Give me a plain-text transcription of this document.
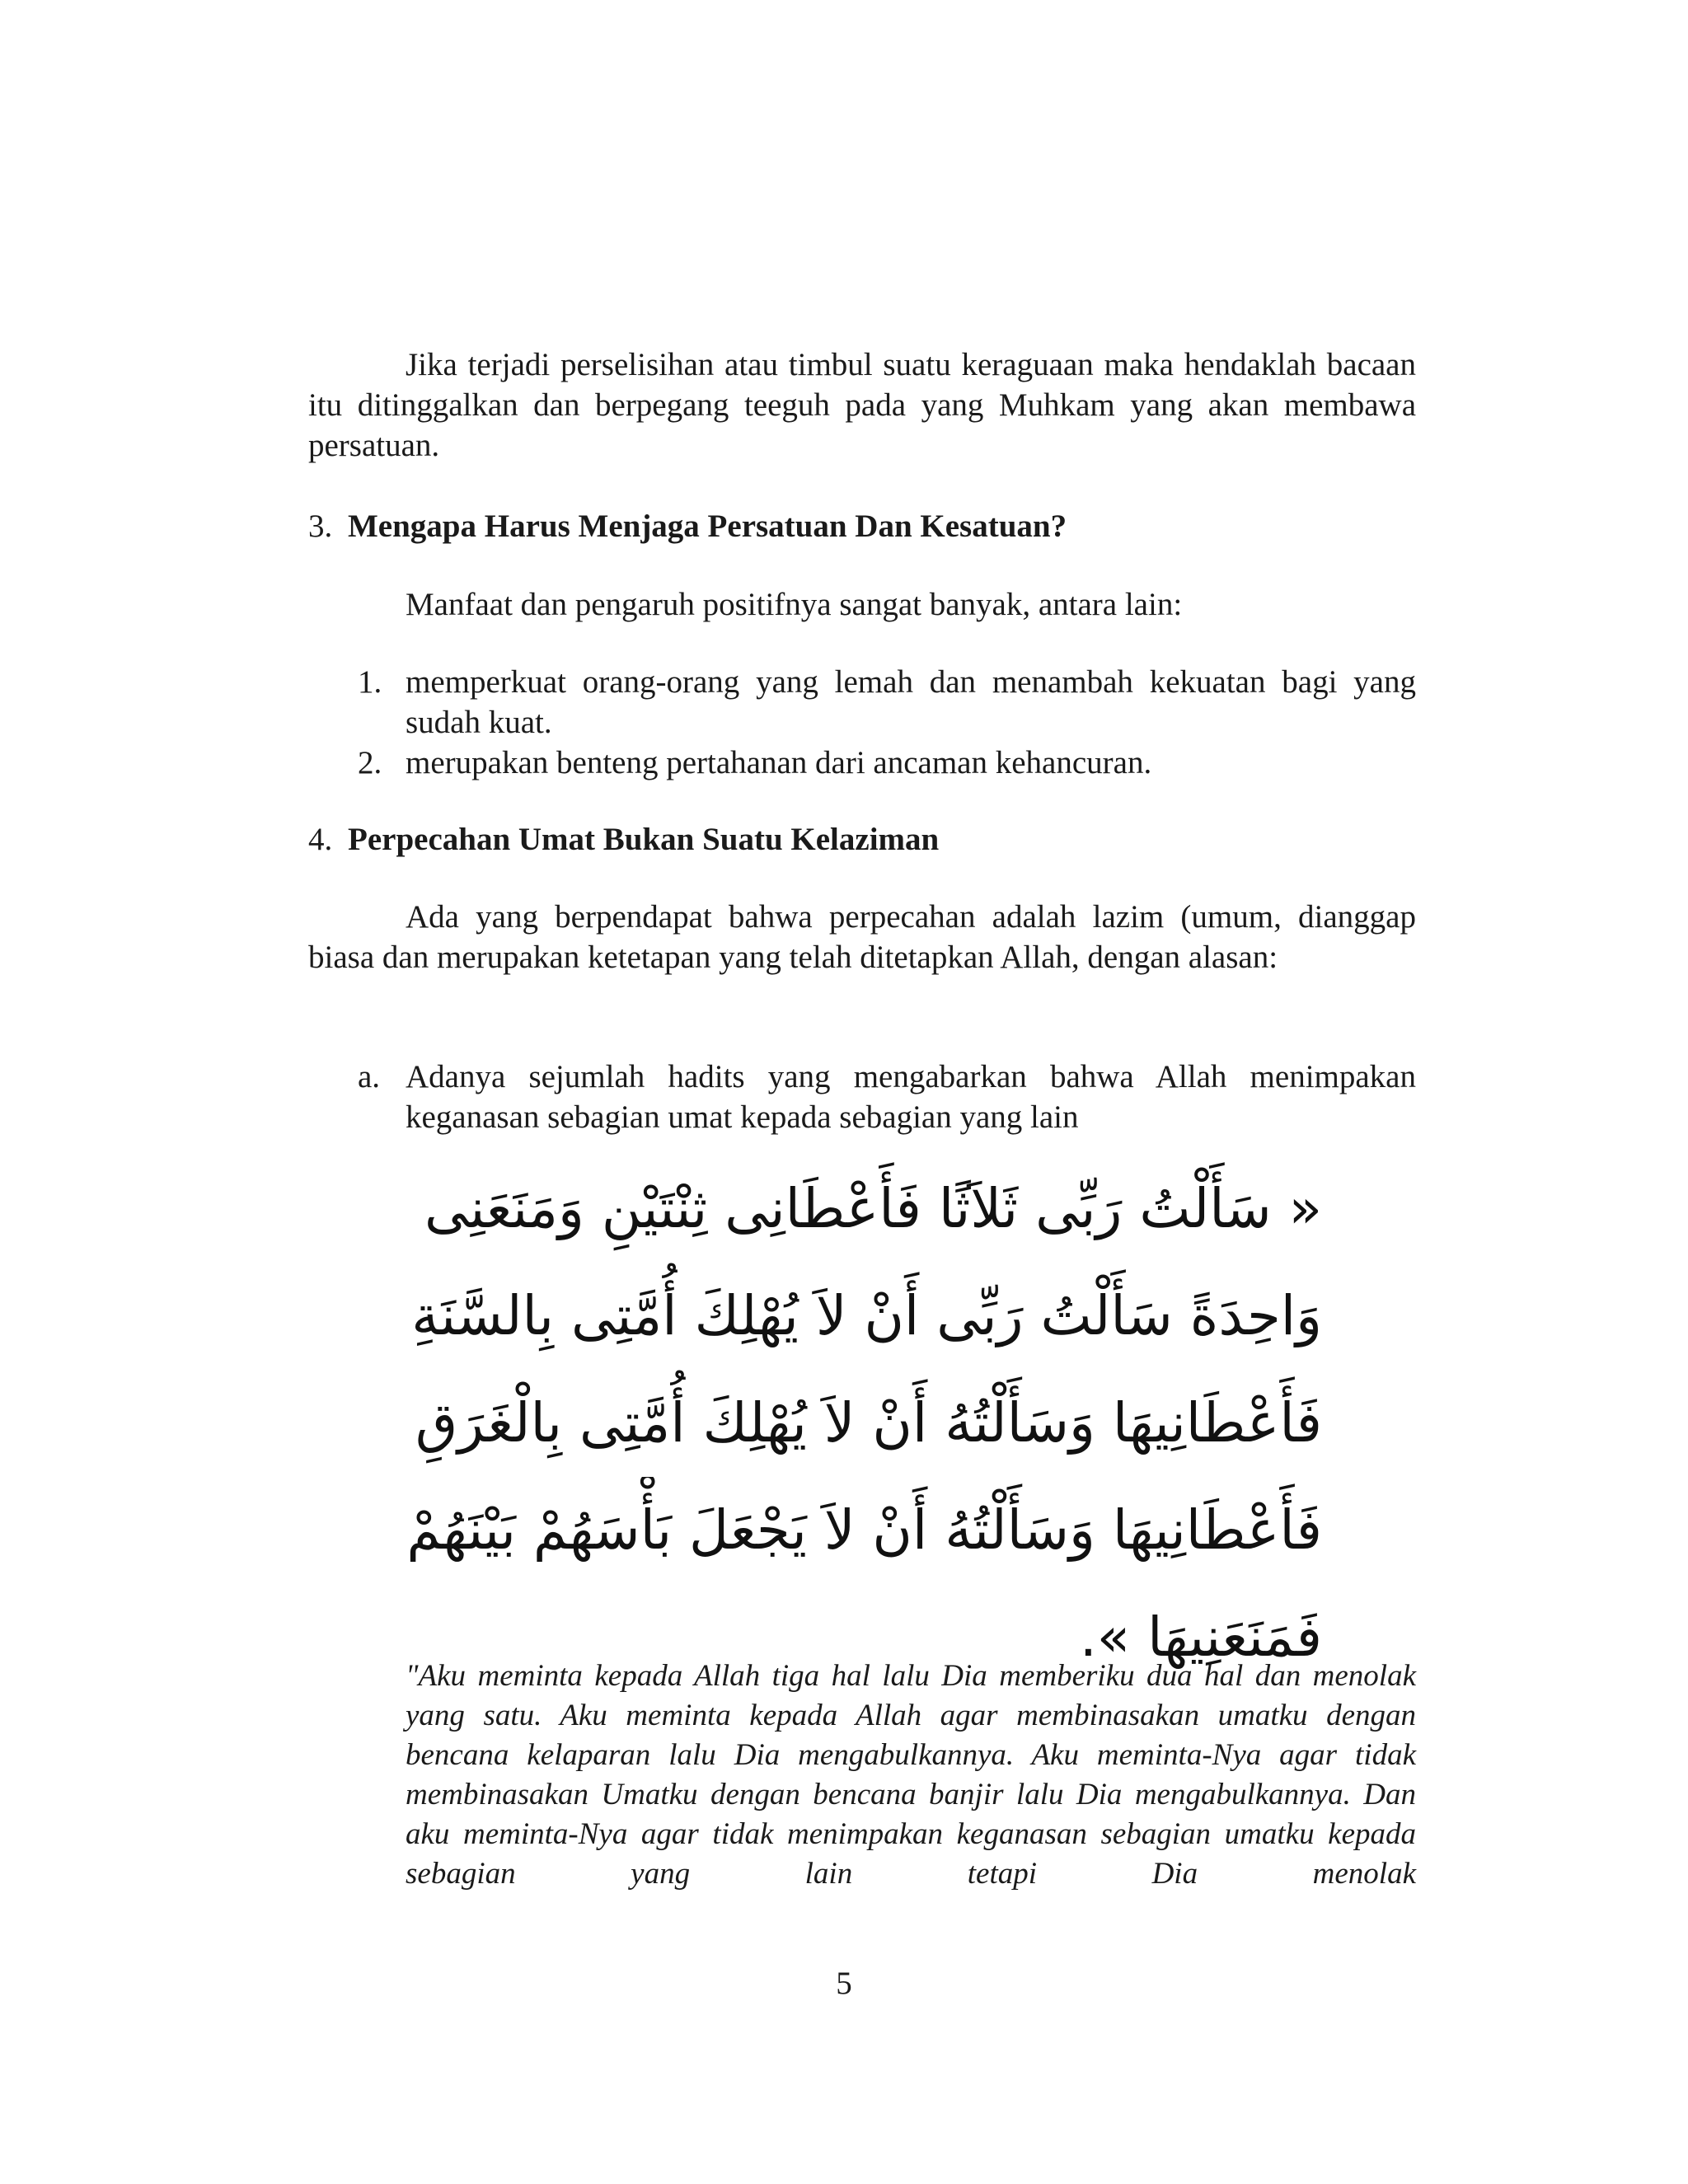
Jika terjadi perselisihan atau timbul suatu keraguaan maka hendaklah bacaan itu ditinggalkan dan berpegang teeguh pada yang Muhkam yang akan membawa persatuan.

3. Mengapa Harus Menjaga Persatuan Dan Kesatuan?

Manfaat dan pengaruh positifnya sangat banyak, antara lain:

1. memperkuat orang-orang yang lemah dan menambah kekuatan bagi yang sudah kuat.
2. merupakan benteng pertahanan dari ancaman kehancuran.
4. Perpecahan Umat Bukan Suatu Kelaziman

Ada yang berpendapat bahwa perpecahan adalah lazim (umum, dianggap biasa dan merupakan ketetapan yang telah ditetapkan Allah, dengan alasan:

a. Adanya sejumlah hadits yang mengabarkan bahwa Allah menimpakan keganasan sebagian umat kepada sebagian yang lain
« سَأَلْتُ رَبِّى ثَلاَثًا فَأَعْطَانِى ثِنْتَيْنِ وَمَنَعَنِى
وَاحِدَةً سَأَلْتُ رَبِّى أَنْ لاَ يُهْلِكَ أُمَّتِى بِالسَّنَةِ
فَأَعْطَانِيهَا وَسَأَلْتُهُ أَنْ لاَ يُهْلِكَ أُمَّتِى بِالْغَرَقِ
فَأَعْطَانِيهَا وَسَأَلْتُهُ أَنْ لاَ يَجْعَلَ بَأْسَهُمْ بَيْنَهُمْ
فَمَنَعَنِيهَا ».‏

"Aku meminta kepada Allah tiga hal lalu Dia memberiku dua hal dan menolak yang satu. Aku meminta kepada Allah agar membinasakan umatku dengan bencana kelaparan lalu Dia mengabulkannya. Aku meminta-Nya agar tidak membinasakan Umatku dengan bencana banjir lalu Dia mengabulkannya. Dan aku meminta-Nya agar tidak menimpakan keganasan sebagian umatku kepada sebagian yang lain tetapi Dia menolak

5
